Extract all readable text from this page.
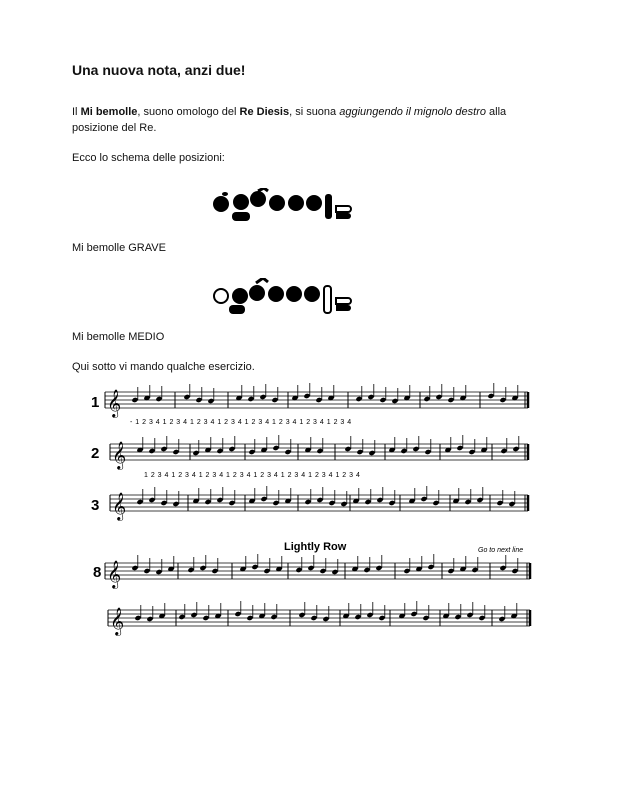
Una nuova nota, anzi due!
Il Mi bemolle, suono omologo del Re Diesis, si suona aggiungendo il mignolo destro alla posizione del Re.
Ecco lo schema delle posizioni:
Mi bemolle GRAVE
Mi bemolle MEDIO
Qui sotto vi mando qualche esercizio.
𝄞
𝄞
𝄞
𝄞
𝄞
1
2
3
8
- 1 2 3 4 1 2 3 4 1 2 3 4 1 2 3 4 1 2 3 4 1 2 3 4 1 2 3 4 1 2 3 4
1 2 3 4 1 2 3 4 1 2 3 4 1 2 3 4 1 2 3 4 1 2 3 4 1 2 3 4 1 2 3 4
Lightly Row	Go to next line
